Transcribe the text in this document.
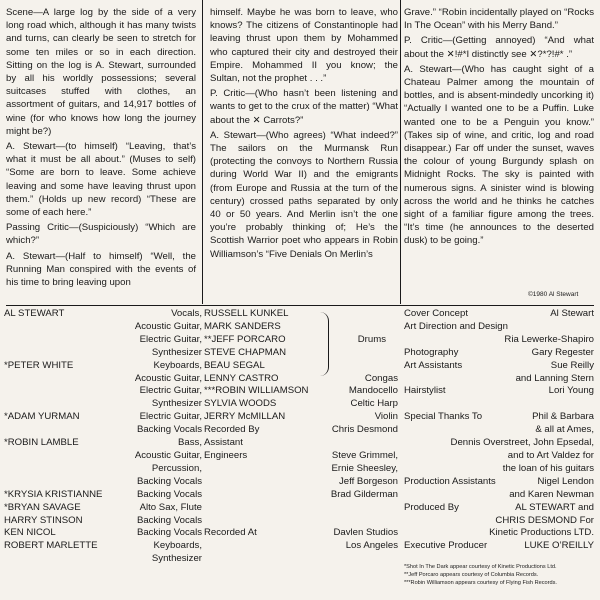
Scene—A large log by the side of a very long road which, although it has many twists and turns, can clearly be seen to stretch for some ten miles or so in each direction. Sitting on the log is A. Stewart, surrounded by all his worldly possessions; several suitcases stuffed with clothes, an assortment of guitars, and 14,917 bottles of wine (for who knows how long the journey might be?)

A. Stewart—(to himself) “Leaving, that’s what it must be all about.” (Muses to self) “Some are born to leave. Some achieve leaving and some have leaving thrust upon them.” (Holds up new record) “These are some of each here.”

Passing Critic—(Suspiciously) “Which are which?”

A. Stewart—(Half to himself) “Well, the Running Man conspired with the events of his time to bring leaving upon

himself. Maybe he was born to leave, who knows? The citizens of Constantinople had leaving thrust upon them by Mohammed who captured their city and destroyed their Empire. Mohammed II you know; the Sultan, not the prophet . . .”

P. Critic—(Who hasn’t been listening and wants to get to the crux of the matter) “What about the ✕ Carrots?”

A. Stewart—(Who agrees) “What indeed?” The sailors on the Murmansk Run (protecting the convoys to Northern Russia during World War II) and the emigrants (from Europe and Russia at the turn of the century) crossed paths separated by only 40 or 50 years. And Merlin isn’t the one you’re probably thinking of; He’s the Scottish Warrior poet who appears in Robin Williamson’s “Five Denials On Merlin’s

Grave.” “Robin incidentally played on “Rocks In The Ocean” with his Merry Band.”

P. Critic—(Getting annoyed) “And what about the ✕!#*I distinctly see ✕?*?!#* .”

A. Stewart—(Who has caught sight of a Chateau Palmer among the mountain of bottles, and is absent-mindedly uncorking it) “Actually I wanted one to be a Puffin. Luke wanted one to be a Penguin you know.” (Takes sip of wine, and critic, log and road disappear.) Far off under the sunset, waves the colour of young Burgundy splash on Midnight Rocks. The sky is painted with numerous signs. A sinister wind is blowing across the world and he thinks he catches sight of a familiar figure among the trees. “It’s time (he announces to the deserted dusk) to be going.”

©1980 Al Stewart
AL STEWART	Vocals,

Acoustic Guitar,

Electric Guitar,

Synthesizer
*PETER WHITE	Keyboards,

Acoustic Guitar,

Electric Guitar,

Synthesizer
*ADAM YURMAN	Electric Guitar,

Backing Vocals
*ROBIN LAMBLE	Bass,

Acoustic Guitar,

Percussion,

Backing Vocals
*KRYSIA KRISTIANNE	Backing Vocals
*BRYAN SAVAGE	Alto Sax, Flute
HARRY STINSON	Backing Vocals
KEN NICOL	Backing Vocals
ROBERT MARLETTE	Keyboards,

Synthesizer
RUSSELL KUNKEL
MARK SANDERS
**JEFF PORCARO	Drums
STEVE CHAPMAN
BEAU SEGAL
LENNY CASTRO	Congas
***ROBIN WILLIAMSON	Mandocello
SYLVIA WOODS	Celtic Harp
JERRY McMILLAN	Violin
Recorded By	Chris Desmond
Assistant
Engineers	Steve Grimmel,

Ernie Sheesley,

Jeff Borgeson

Brad Gilderman

Recorded At	Davlen Studios

Los Angeles
Cover Concept	Al Stewart
Art Direction and Design

Ria Lewerke-Shapiro
Photography	Gary Regester
Art Assistants	Sue Reilly

and Lanning Stern
Hairstylist	Lori Young

Special Thanks To	Phil & Barbara

& all at Ames,

Dennis Overstreet, John Epsedal,

and to Art Valdez for

the loan of his guitars
Production Assistants	Nigel Lendon

and Karen Newman
Produced By	AL STEWART and

CHRIS DESMOND For

Kinetic Productions LTD.
Executive Producer	LUKE O’REILLY
*Shot In The Dark appear courtesy of Kinetic Productions Ltd.
**Jeff Porcaro appears courtesy of Columbia Records.
***Robin Williamson appears courtesy of Flying Fish Records.
